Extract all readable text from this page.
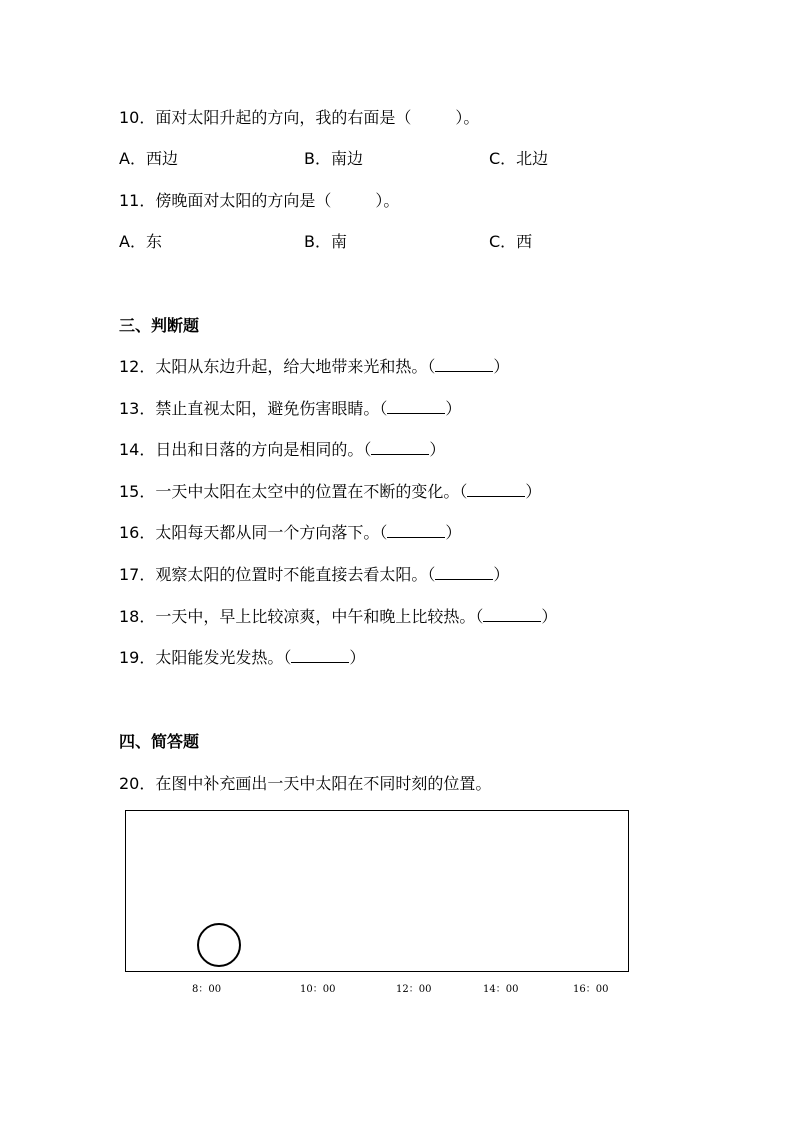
10．面对太阳升起的方向，我的右面是（	）。
A．西边	B．南边	C．北边
11．傍晚面对太阳的方向是（	）。
A．东	B．南	C．西
三、判断题
12．太阳从东边升起，给大地带来光和热。（	）
13．禁止直视太阳，避免伤害眼睛。（	）
14．日出和日落的方向是相同的。（	）
15．一天中太阳在太空中的位置在不断的变化。（	）
16．太阳每天都从同一个方向落下。（	）
17．观察太阳的位置时不能直接去看太阳。（	）
18．一天中，早上比较凉爽，中午和晚上比较热。（	）
19．太阳能发光发热。（	）
四、简答题
20．在图中补充画出一天中太阳在不同时刻的位置。
8：00	10：00	12：00	14：00	16：00
